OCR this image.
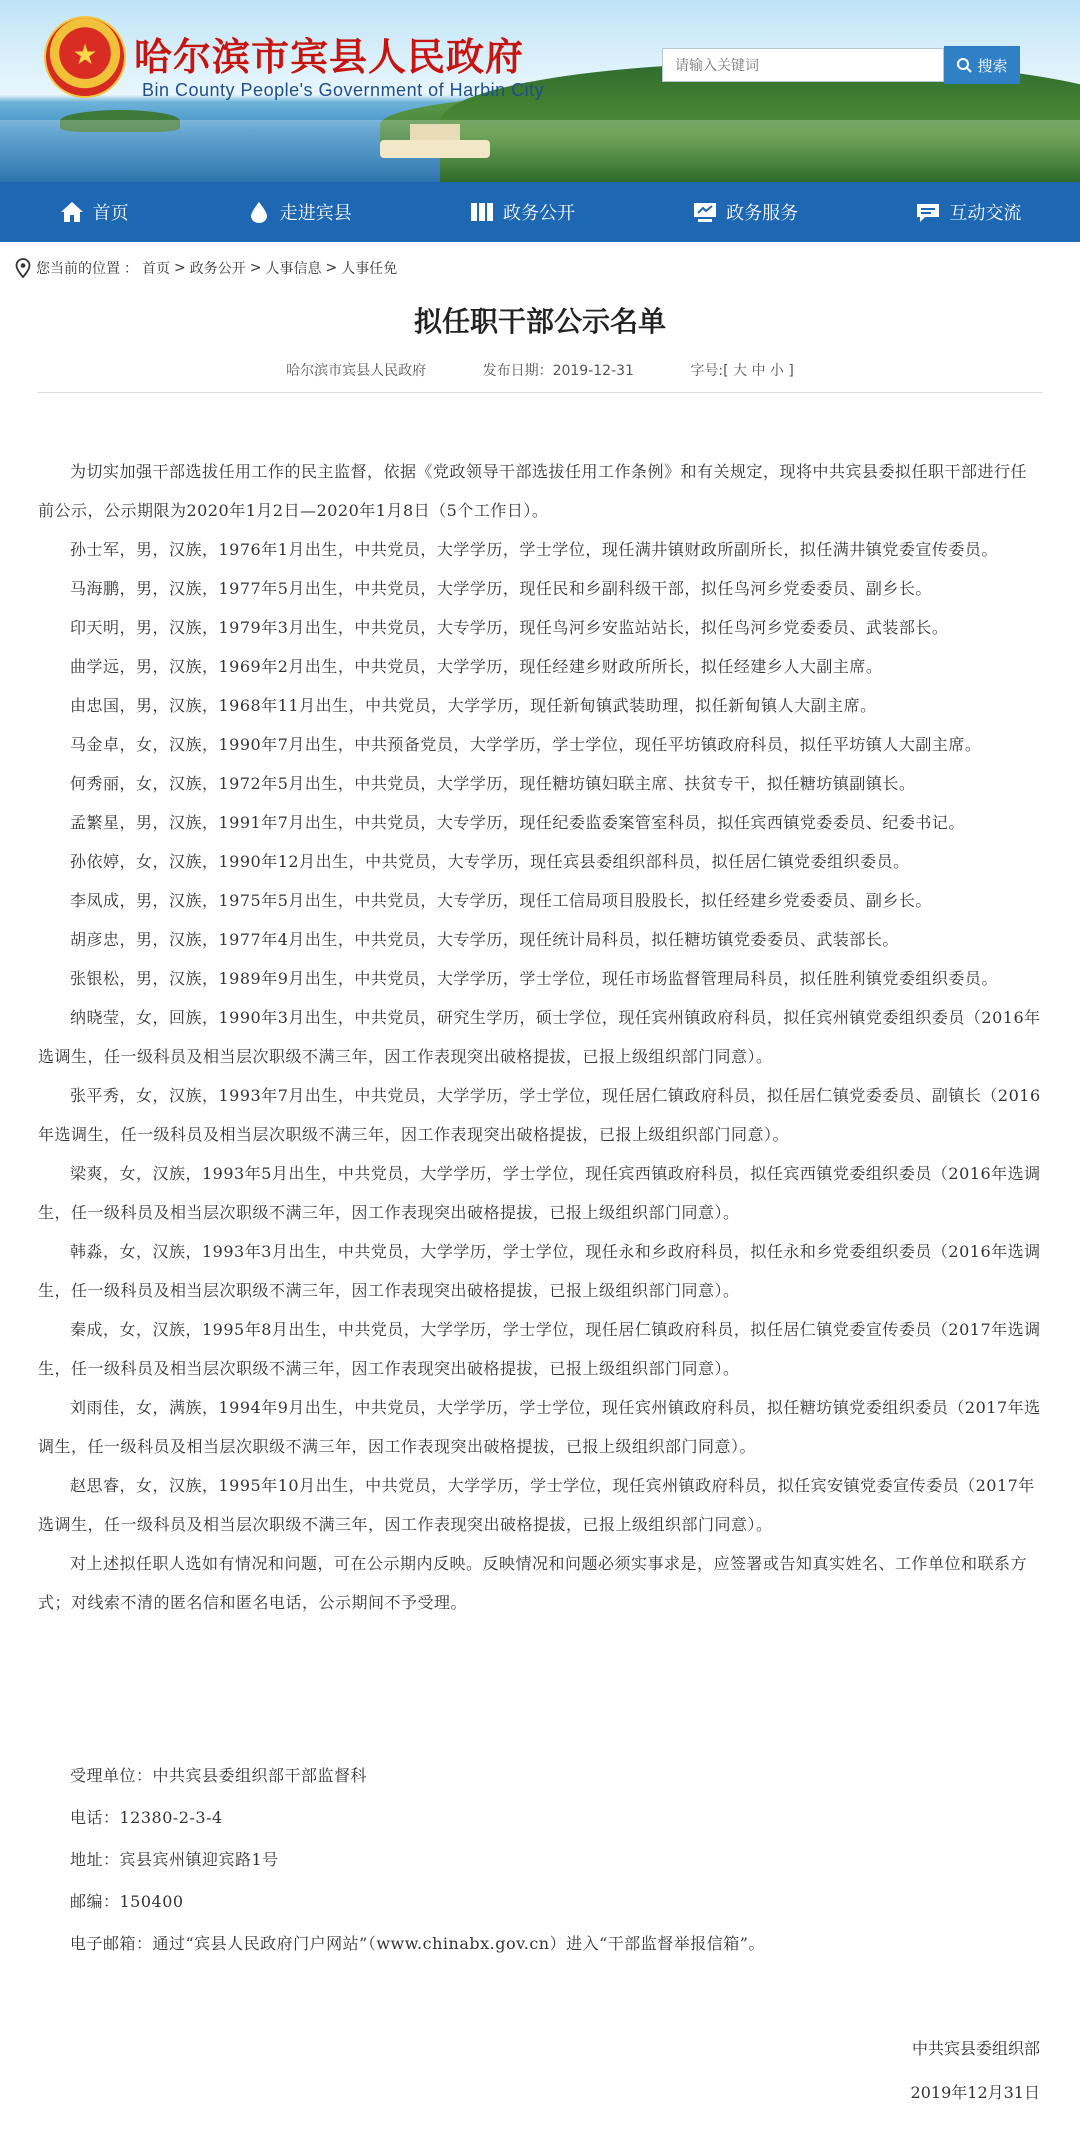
★ 哈尔滨市宾县人民政府
Bin County People's Government of Harbin City
请输入关键词
搜索
首页	走进宾县	政务公开	政务服务	互动交流
您当前的位置 ： 首页 > 政务公开 > 人事信息 > 人事任免
拟任职干部公示名单
哈尔滨市宾县人民政府	发布日期：2019-12-31	字号:[ 大 中 小 ]

为切实加强干部选拔任用工作的民主监督，依据《党政领导干部选拔任用工作条例》和有关规定，现将中共宾县委拟任职干部进行任前公示，公示期限为2020年1月2日—2020年1月8日（5个工作日）。

孙士军，男，汉族，1976年1月出生，中共党员，大学学历，学士学位，现任满井镇财政所副所长，拟任满井镇党委宣传委员。

马海鹏，男，汉族，1977年5月出生，中共党员，大学学历，现任民和乡副科级干部，拟任鸟河乡党委委员、副乡长。

印天明，男，汉族，1979年3月出生，中共党员，大专学历，现任鸟河乡安监站站长，拟任鸟河乡党委委员、武装部长。

曲学远，男，汉族，1969年2月出生，中共党员，大学学历，现任经建乡财政所所长，拟任经建乡人大副主席。

由忠国，男，汉族，1968年11月出生，中共党员，大学学历，现任新甸镇武装助理，拟任新甸镇人大副主席。

马金卓，女，汉族，1990年7月出生，中共预备党员，大学学历，学士学位，现任平坊镇政府科员，拟任平坊镇人大副主席。

何秀丽，女，汉族，1972年5月出生，中共党员，大学学历，现任糖坊镇妇联主席、扶贫专干，拟任糖坊镇副镇长。

孟繁星，男，汉族，1991年7月出生，中共党员，大专学历，现任纪委监委案管室科员，拟任宾西镇党委委员、纪委书记。

孙依婷，女，汉族，1990年12月出生，中共党员，大专学历，现任宾县委组织部科员，拟任居仁镇党委组织委员。

李凤成，男，汉族，1975年5月出生，中共党员，大专学历，现任工信局项目股股长，拟任经建乡党委委员、副乡长。

胡彦忠，男，汉族，1977年4月出生，中共党员，大专学历，现任统计局科员，拟任糖坊镇党委委员、武装部长。

张银松，男，汉族，1989年9月出生，中共党员，大学学历，学士学位，现任市场监督管理局科员，拟任胜利镇党委组织委员。

纳晓莹，女，回族，1990年3月出生，中共党员，研究生学历，硕士学位，现任宾州镇政府科员，拟任宾州镇党委组织委员（2016年选调生，任一级科员及相当层次职级不满三年，因工作表现突出破格提拔，已报上级组织部门同意）。

张平秀，女，汉族，1993年7月出生，中共党员，大学学历，学士学位，现任居仁镇政府科员，拟任居仁镇党委委员、副镇长（2016年选调生，任一级科员及相当层次职级不满三年，因工作表现突出破格提拔，已报上级组织部门同意）。

梁爽，女，汉族，1993年5月出生，中共党员，大学学历，学士学位，现任宾西镇政府科员，拟任宾西镇党委组织委员（2016年选调生，任一级科员及相当层次职级不满三年，因工作表现突出破格提拔，已报上级组织部门同意）。

韩淼，女，汉族，1993年3月出生，中共党员，大学学历，学士学位，现任永和乡政府科员，拟任永和乡党委组织委员（2016年选调生，任一级科员及相当层次职级不满三年，因工作表现突出破格提拔，已报上级组织部门同意）。

秦成，女，汉族，1995年8月出生，中共党员，大学学历，学士学位，现任居仁镇政府科员，拟任居仁镇党委宣传委员（2017年选调生，任一级科员及相当层次职级不满三年，因工作表现突出破格提拔，已报上级组织部门同意）。

刘雨佳，女，满族，1994年9月出生，中共党员，大学学历，学士学位，现任宾州镇政府科员，拟任糖坊镇党委组织委员（2017年选调生，任一级科员及相当层次职级不满三年，因工作表现突出破格提拔，已报上级组织部门同意）。

赵思睿，女，汉族，1995年10月出生，中共党员，大学学历，学士学位，现任宾州镇政府科员，拟任宾安镇党委宣传委员（2017年选调生，任一级科员及相当层次职级不满三年，因工作表现突出破格提拔，已报上级组织部门同意）。

对上述拟任职人选如有情况和问题，可在公示期内反映。反映情况和问题必须实事求是，应签署或告知真实姓名、工作单位和联系方式；对线索不清的匿名信和匿名电话，公示期间不予受理。

受理单位：中共宾县委组织部干部监督科

电话：12380-2-3-4

地址：宾县宾州镇迎宾路1号

邮编：150400

电子邮箱：通过“宾县人民政府门户网站”（www.chinabx.gov.cn）进入“干部监督举报信箱”。

中共宾县委组织部
2019年12月31日
